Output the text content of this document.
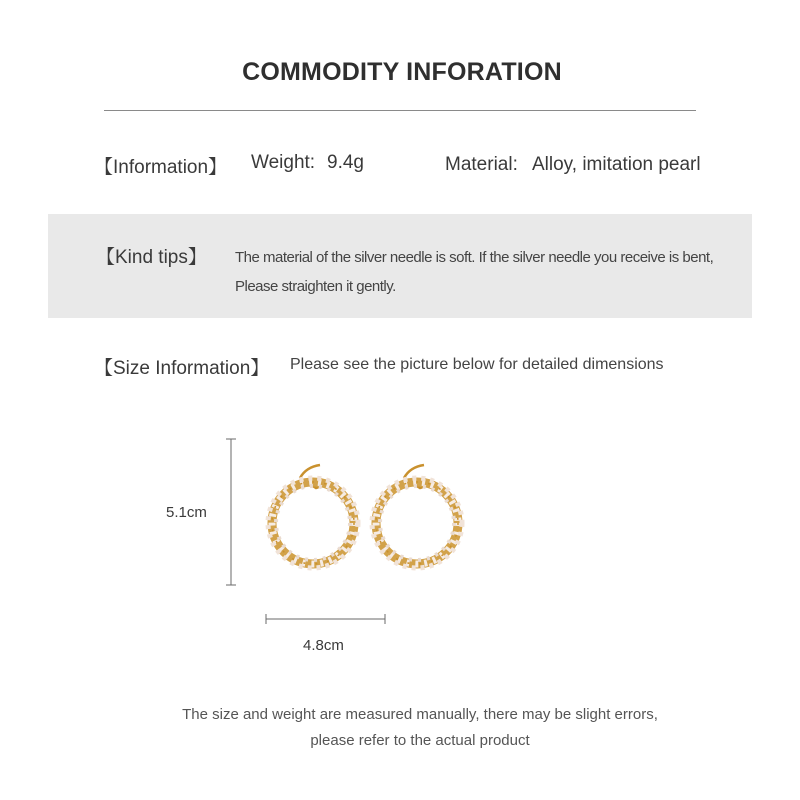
COMMODITY INFORATION
【Information】 Weight: 9.4g	Material: Alloy, imitation pearl
【Kind tips】 The material of the silver needle is soft. If the silver needle you receive is bent,
Please straighten it gently.
【Size Information】 Please see the picture below for detailed dimensions
5.1cm
4.8cm
The size and weight are measured manually, there may be slight errors,
please refer to the actual product
